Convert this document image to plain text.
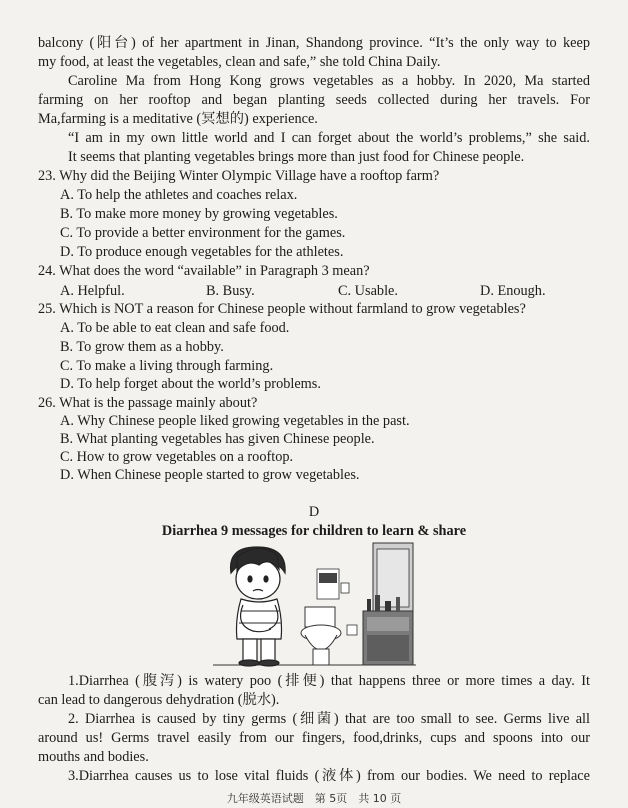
balcony (阳台) of her apartment in Jinan, Shandong province. “It’s the only way to keep
my food, at least the vegetables, clean and safe,” she told China Daily.
Caroline Ma from Hong Kong grows vegetables as a hobby. In 2020, Ma started
farming on her rooftop and began planting seeds collected during her travels. For
Ma,farming is a meditative (冥想的) experience.
“I am in my own little world and I can forget about the world’s problems,” she said.
It seems that planting vegetables brings more than just food for Chinese people.
23. Why did the Beijing Winter Olympic Village have a rooftop farm?
A. To help the athletes and coaches relax.
B. To make more money by growing vegetables.
C. To provide a better environment for the games.
D. To produce enough vegetables for the athletes.
24. What does the word “available” in Paragraph 3 mean?
A. Helpful.	B. Busy.	C. Usable.	D. Enough.
25. Which is NOT a reason for Chinese people without farmland to grow vegetables?
A. To be able to eat clean and safe food.
B. To grow them as a hobby.
C. To make a living through farming.
D. To help forget about the world’s problems.
26. What is the passage mainly about?
A. Why Chinese people liked growing vegetables in the past.
B. What planting vegetables has given Chinese people.
C. How to grow vegetables on a rooftop.
D. When Chinese people started to grow vegetables.
D
Diarrhea 9 messages for children to learn & share
1.Diarrhea (腹泻) is watery poo (排便) that happens three or more times a day. It
can lead to dangerous dehydration (脱水).
2. Diarrhea is caused by tiny germs (细菌) that are too small to see. Germs live all
around us! Germs travel easily from our fingers, food,drinks, cups and spoons into our
mouths and bodies.
3.Diarrhea causes us to lose vital fluids (液体) from our bodies. We need to replace
九年级英语试题　第 5页　共 10 页
